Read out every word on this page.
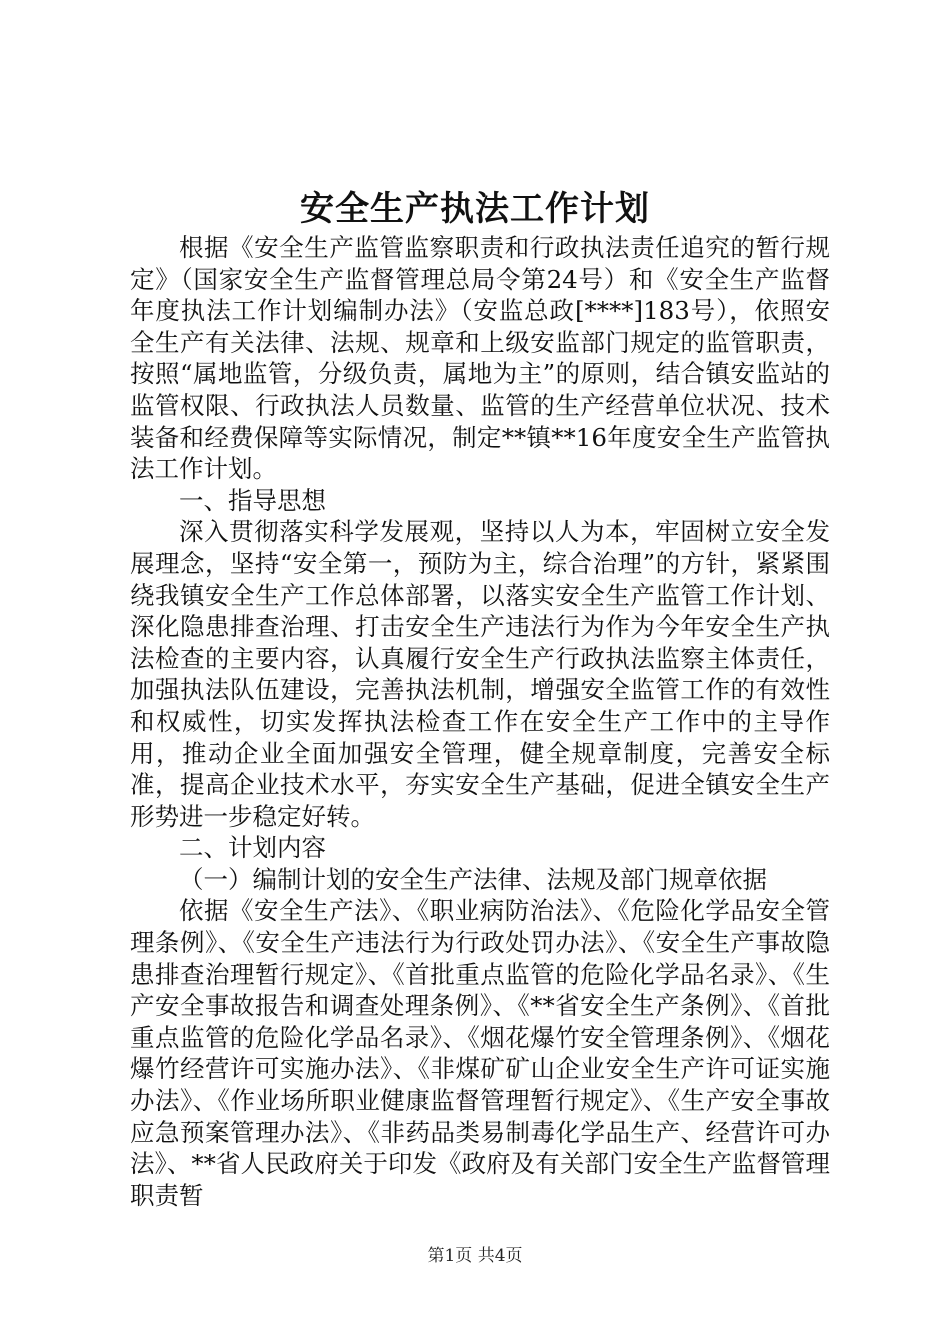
安全生产执法工作计划

根据《安全生产监管监察职责和行政执法责任追究的暂行规定》（国家安全生产监督管理总局令第24号）和《安全生产监督年度执法工作计划编制办法》（安监总政[****]183号），依照安全生产有关法律、法规、规章和上级安监部门规定的监管职责，按照“属地监管，分级负责，属地为主”的原则，结合镇安监站的监管权限、行政执法人员数量、监管的生产经营单位状况、技术装备和经费保障等实际情况，制定**镇**16年度安全生产监管执法工作计划。

一、指导思想

深入贯彻落实科学发展观，坚持以人为本，牢固树立安全发展理念，坚持“安全第一，预防为主，综合治理”的方针，紧紧围绕我镇安全生产工作总体部署，以落实安全生产监管工作计划、深化隐患排查治理、打击安全生产违法行为作为今年安全生产执法检查的主要内容，认真履行安全生产行政执法监察主体责任，加强执法队伍建设，完善执法机制，增强安全监管工作的有效性和权威性，切实发挥执法检查工作在安全生产工作中的主导作用，推动企业全面加强安全管理，健全规章制度，完善安全标准，提高企业技术水平，夯实安全生产基础，促进全镇安全生产形势进一步稳定好转。

二、计划内容

（一）编制计划的安全生产法律、法规及部门规章依据

依据《安全生产法》、《职业病防治法》、《危险化学品安全管理条例》、《安全生产违法行为行政处罚办法》、《安全生产事故隐患排查治理暂行规定》、《首批重点监管的危险化学品名录》、《生产安全事故报告和调查处理条例》、《**省安全生产条例》、《首批重点监管的危险化学品名录》、《烟花爆竹安全管理条例》、《烟花爆竹经营许可实施办法》、《非煤矿矿山企业安全生产许可证实施办法》、《作业场所职业健康监督管理暂行规定》、《生产安全事故应急预案管理办法》、《非药品类易制毒化学品生产、经营许可办法》、**省人民政府关于印发《政府及有关部门安全生产监督管理职责暂

第1页 共4页
